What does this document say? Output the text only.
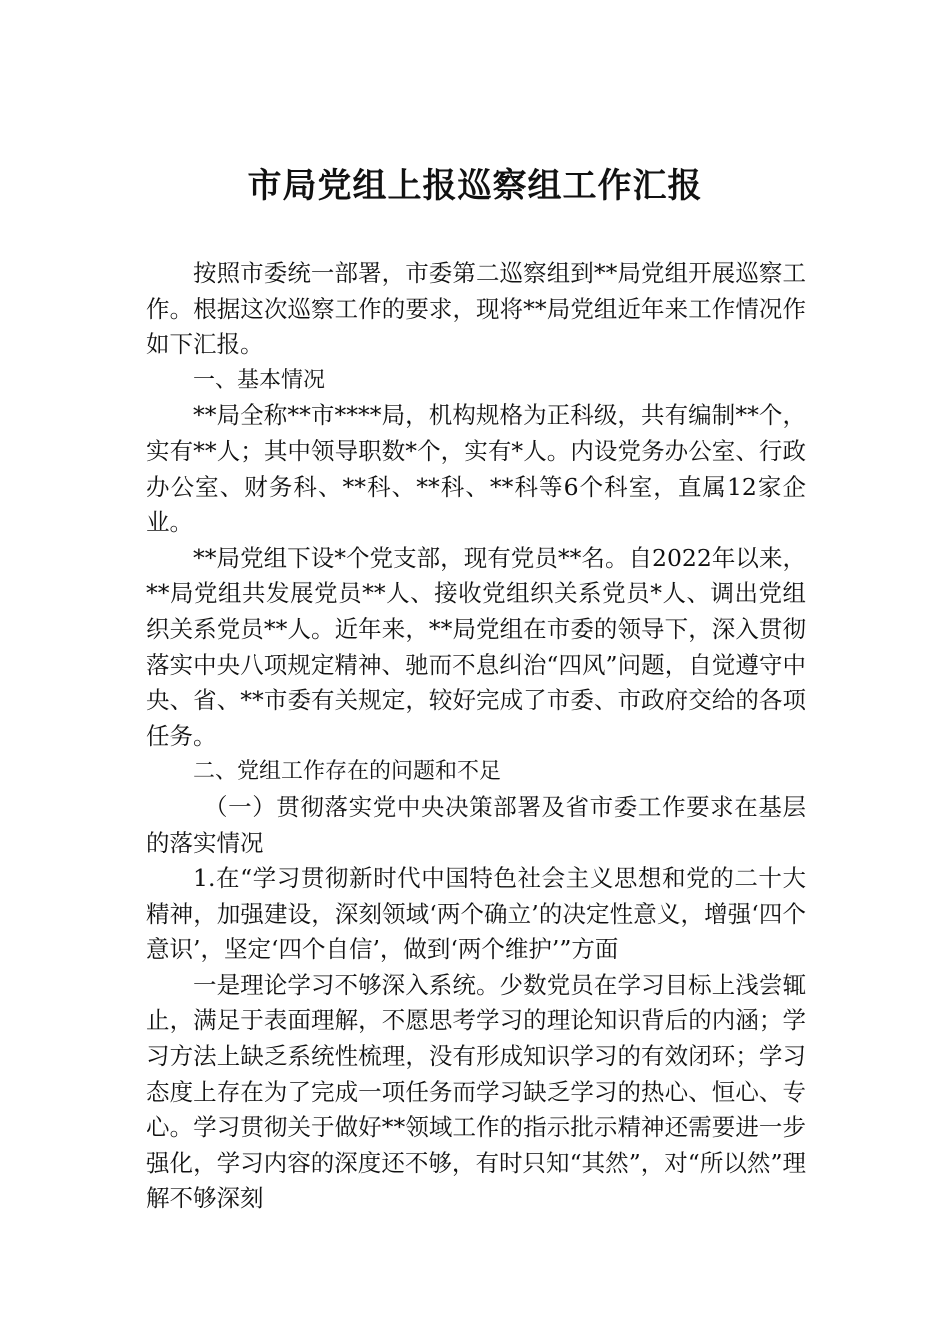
市局党组上报巡察组工作汇报

按照市委统一部署，市委第二巡察组到**局党组开展巡察工作。根据这次巡察工作的要求，现将**局党组近年来工作情况作如下汇报。

一、基本情况

**局全称**市****局，机构规格为正科级，共有编制**个，实有**人；其中领导职数*个，实有*人。内设党务办公室、行政办公室、财务科、**科、**科、**科等6个科室，直属12家企业。

**局党组下设*个党支部，现有党员**名。自2022年以来，**局党组共发展党员**人、接收党组织关系党员*人、调出党组织关系党员**人。近年来，**局党组在市委的领导下，深入贯彻落实中央八项规定精神、驰而不息纠治“四风”问题，自觉遵守中央、省、**市委有关规定，较好完成了市委、市政府交给的各项任务。

二、党组工作存在的问题和不足

（一）贯彻落实党中央决策部署及省市委工作要求在基层的落实情况

1.在“学习贯彻新时代中国特色社会主义思想和党的二十大精神，加强建设，深刻领域‘两个确立’的决定性意义，增强‘四个意识’，坚定‘四个自信’，做到‘两个维护’”方面

一是理论学习不够深入系统。少数党员在学习目标上浅尝辄止，满足于表面理解，不愿思考学习的理论知识背后的内涵；学习方法上缺乏系统性梳理，没有形成知识学习的有效闭环；学习态度上存在为了完成一项任务而学习缺乏学习的热心、恒心、专心。学习贯彻关于做好**领域工作的指示批示精神还需要进一步强化，学习内容的深度还不够，有时只知“其然”，对“所以然”理解不够深刻
